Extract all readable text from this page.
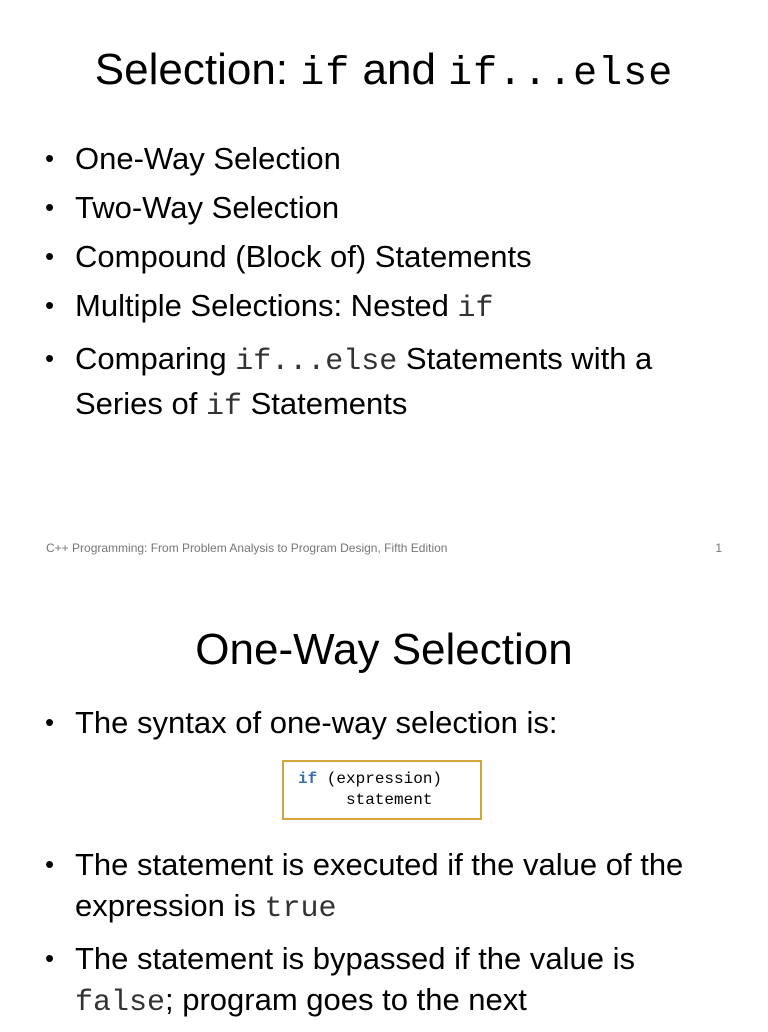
Selection: if and if...else
• One-Way Selection
• Two-Way Selection
• Compound (Block of) Statements
• Multiple Selections: Nested if
• Comparing if...else Statements with a Series of if Statements
C++ Programming: From Problem Analysis to Program Design, Fifth Edition	1
One-Way Selection
• The syntax of one-way selection is:
if (expression)
statement
• The statement is executed if the value of the expression is true
• The statement is bypassed if the value is false; program goes to the next
